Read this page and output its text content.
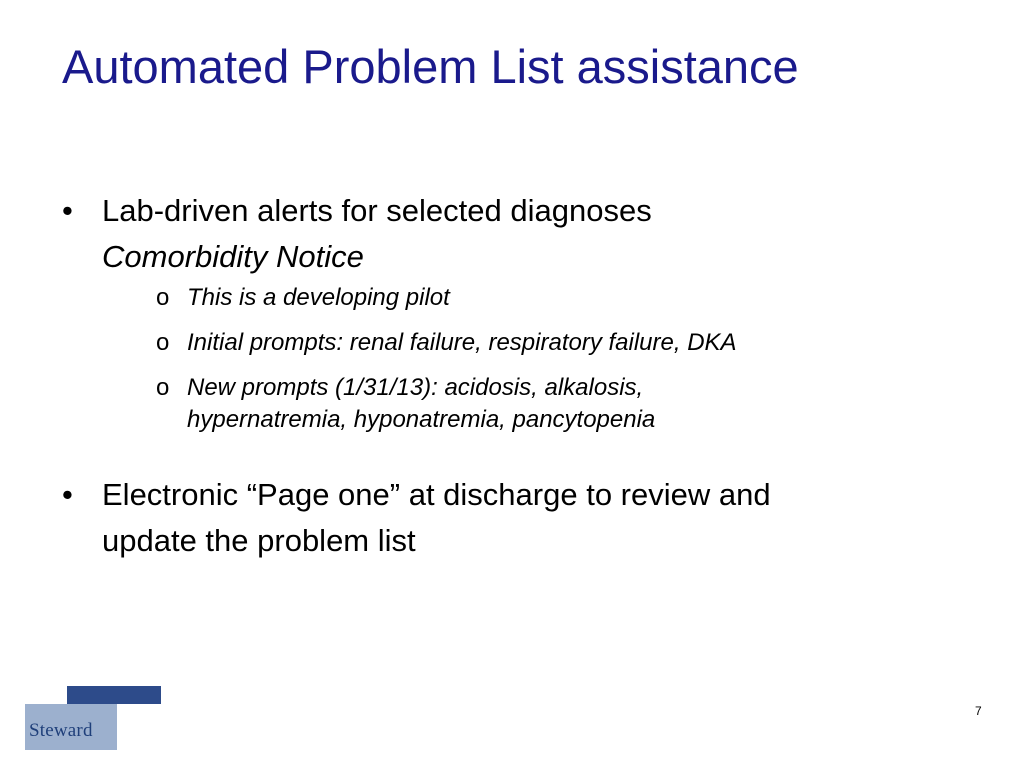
Automated Problem List assistance
• Lab-driven alerts for selected diagnoses
Comorbidity Notice
o This is a developing pilot
o Initial prompts: renal failure, respiratory failure, DKA
o New prompts (1/31/13): acidosis, alkalosis,
hypernatremia, hyponatremia, pancytopenia
• Electronic “Page one” at discharge to review and
update the problem list
Steward
7
